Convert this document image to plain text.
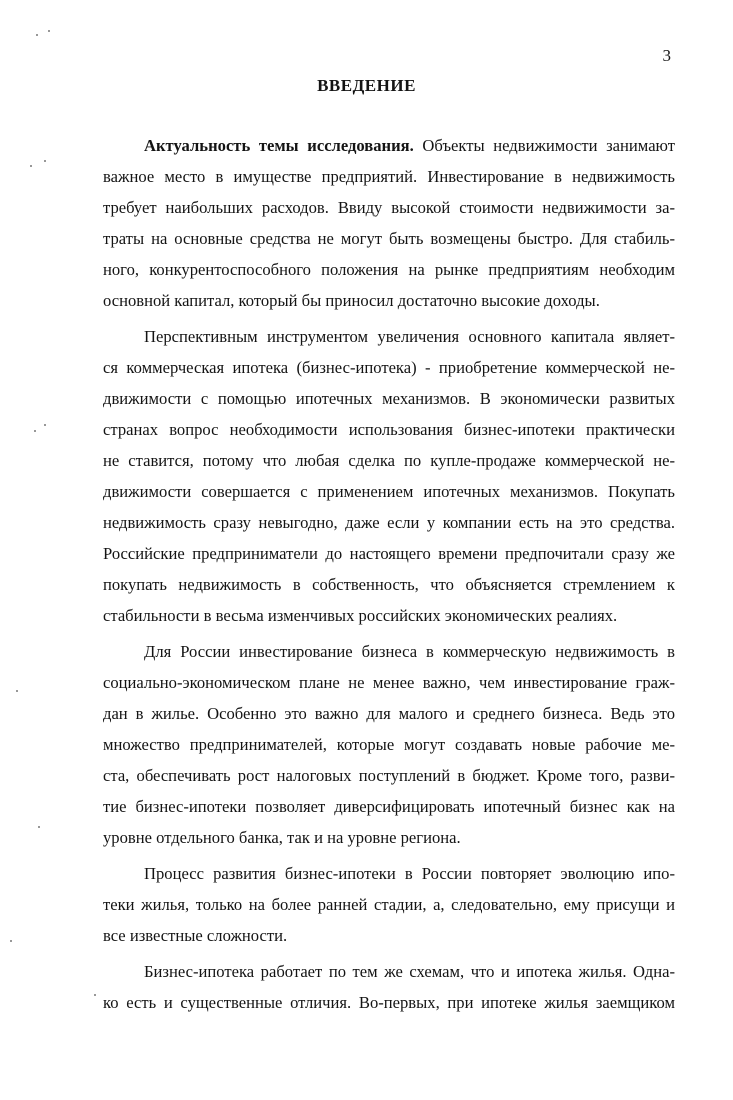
3
ВВЕДЕНИЕ
Актуальность темы исследования. Объекты недвижимости занимают
важное место в имуществе предприятий. Инвестирование в недвижимость
требует наибольших расходов. Ввиду высокой стоимости недвижимости за-
траты на основные средства не могут быть возмещены быстро. Для стабиль-
ного, конкурентоспособного положения на рынке предприятиям необходим
основной капитал, который бы приносил достаточно высокие доходы.
Перспективным инструментом увеличения основного капитала являет-
ся коммерческая ипотека (бизнес-ипотека) - приобретение коммерческой не-
движимости с помощью ипотечных механизмов. В экономически развитых
странах вопрос необходимости использования бизнес-ипотеки практически
не ставится, потому что любая сделка по купле-продаже коммерческой не-
движимости совершается с применением ипотечных механизмов. Покупать
недвижимость сразу невыгодно, даже если у компании есть на это средства.
Российские предприниматели до настоящего времени предпочитали сразу же
покупать недвижимость в собственность, что объясняется стремлением к
стабильности в весьма изменчивых российских экономических реалиях.
Для России инвестирование бизнеса в коммерческую недвижимость в
социально-экономическом плане не менее важно, чем инвестирование граж-
дан в жилье. Особенно это важно для малого и среднего бизнеса. Ведь это
множество предпринимателей, которые могут создавать новые рабочие ме-
ста, обеспечивать рост налоговых поступлений в бюджет. Кроме того, разви-
тие бизнес-ипотеки позволяет диверсифицировать ипотечный бизнес как на
уровне отдельного банка, так и на уровне региона.
Процесс развития бизнес-ипотеки в России повторяет эволюцию ипо-
теки жилья, только на более ранней стадии, а, следовательно, ему присущи и
все известные сложности.
Бизнес-ипотека работает по тем же схемам, что и ипотека жилья. Одна-
ко есть и существенные отличия. Во-первых, при ипотеке жилья заемщиком
